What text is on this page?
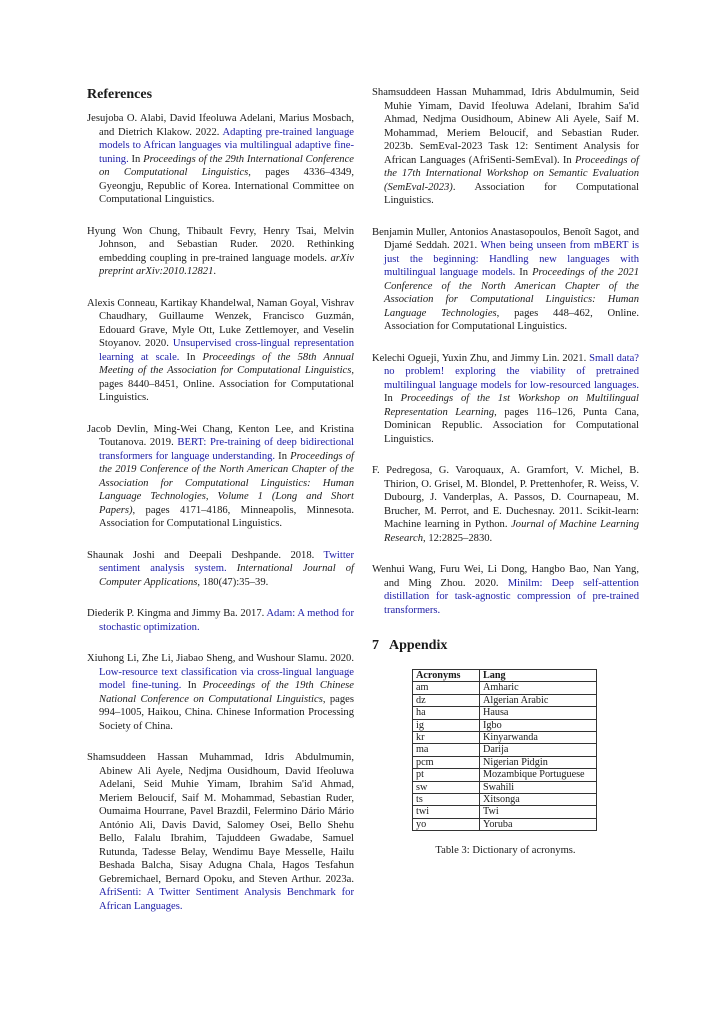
References

Jesujoba O. Alabi, David Ifeoluwa Adelani, Marius Mosbach, and Dietrich Klakow. 2022. Adapting pre-trained language models to African languages via multilingual adaptive fine-tuning. In Proceedings of the 29th International Conference on Computational Linguistics, pages 4336–4349, Gyeongju, Republic of Korea. International Committee on Computational Linguistics.

Hyung Won Chung, Thibault Fevry, Henry Tsai, Melvin Johnson, and Sebastian Ruder. 2020. Rethinking embedding coupling in pre-trained language models. arXiv preprint arXiv:2010.12821.

Alexis Conneau, Kartikay Khandelwal, Naman Goyal, Vishrav Chaudhary, Guillaume Wenzek, Francisco Guzmán, Edouard Grave, Myle Ott, Luke Zettlemoyer, and Veselin Stoyanov. 2020. Unsupervised cross-lingual representation learning at scale. In Proceedings of the 58th Annual Meeting of the Association for Computational Linguistics, pages 8440–8451, Online. Association for Computational Linguistics.

Jacob Devlin, Ming-Wei Chang, Kenton Lee, and Kristina Toutanova. 2019. BERT: Pre-training of deep bidirectional transformers for language understanding. In Proceedings of the 2019 Conference of the North American Chapter of the Association for Computational Linguistics: Human Language Technologies, Volume 1 (Long and Short Papers), pages 4171–4186, Minneapolis, Minnesota. Association for Computational Linguistics.

Shaunak Joshi and Deepali Deshpande. 2018. Twitter sentiment analysis system. International Journal of Computer Applications, 180(47):35–39.

Diederik P. Kingma and Jimmy Ba. 2017. Adam: A method for stochastic optimization.

Xiuhong Li, Zhe Li, Jiabao Sheng, and Wushour Slamu. 2020. Low-resource text classification via cross-lingual language model fine-tuning. In Proceedings of the 19th Chinese National Conference on Computational Linguistics, pages 994–1005, Haikou, China. Chinese Information Processing Society of China.

Shamsuddeen Hassan Muhammad, Idris Abdulmumin, Abinew Ali Ayele, Nedjma Ousidhoum, David Ifeoluwa Adelani, Seid Muhie Yimam, Ibrahim Sa'id Ahmad, Meriem Beloucif, Saif M. Mohammad, Sebastian Ruder, Oumaima Hourrane, Pavel Brazdil, Felermino Dário Mário António Ali, Davis David, Salomey Osei, Bello Shehu Bello, Falalu Ibrahim, Tajuddeen Gwadabe, Samuel Rutunda, Tadesse Belay, Wendimu Baye Messelle, Hailu Beshada Balcha, Sisay Adugna Chala, Hagos Tesfahun Gebremichael, Bernard Opoku, and Steven Arthur. 2023a. AfriSenti: A Twitter Sentiment Analysis Benchmark for African Languages.

Shamsuddeen Hassan Muhammad, Idris Abdulmumin, Seid Muhie Yimam, David Ifeoluwa Adelani, Ibrahim Sa'id Ahmad, Nedjma Ousidhoum, Abinew Ali Ayele, Saif M. Mohammad, Meriem Beloucif, and Sebastian Ruder. 2023b. SemEval-2023 Task 12: Sentiment Analysis for African Languages (AfriSenti-SemEval). In Proceedings of the 17th International Workshop on Semantic Evaluation (SemEval-2023). Association for Computational Linguistics.

Benjamin Muller, Antonios Anastasopoulos, Benoît Sagot, and Djamé Seddah. 2021. When being unseen from mBERT is just the beginning: Handling new languages with multilingual language models. In Proceedings of the 2021 Conference of the North American Chapter of the Association for Computational Linguistics: Human Language Technologies, pages 448–462, Online. Association for Computational Linguistics.

Kelechi Ogueji, Yuxin Zhu, and Jimmy Lin. 2021. Small data? no problem! exploring the viability of pretrained multilingual language models for low-resourced languages. In Proceedings of the 1st Workshop on Multilingual Representation Learning, pages 116–126, Punta Cana, Dominican Republic. Association for Computational Linguistics.

F. Pedregosa, G. Varoquaux, A. Gramfort, V. Michel, B. Thirion, O. Grisel, M. Blondel, P. Prettenhofer, R. Weiss, V. Dubourg, J. Vanderplas, A. Passos, D. Cournapeau, M. Brucher, M. Perrot, and E. Duchesnay. 2011. Scikit-learn: Machine learning in Python. Journal of Machine Learning Research, 12:2825–2830.

Wenhui Wang, Furu Wei, Li Dong, Hangbo Bao, Nan Yang, and Ming Zhou. 2020. Minilm: Deep self-attention distillation for task-agnostic compression of pre-trained transformers.

7 Appendix
Acronyms	Lang
am	Amharic
dz	Algerian Arabic
ha	Hausa
ig	Igbo
kr	Kinyarwanda
ma	Darija
pcm	Nigerian Pidgin
pt	Mozambique Portuguese
sw	Swahili
ts	Xitsonga
twi	Twi
yo	Yoruba
Table 3: Dictionary of acronyms.
